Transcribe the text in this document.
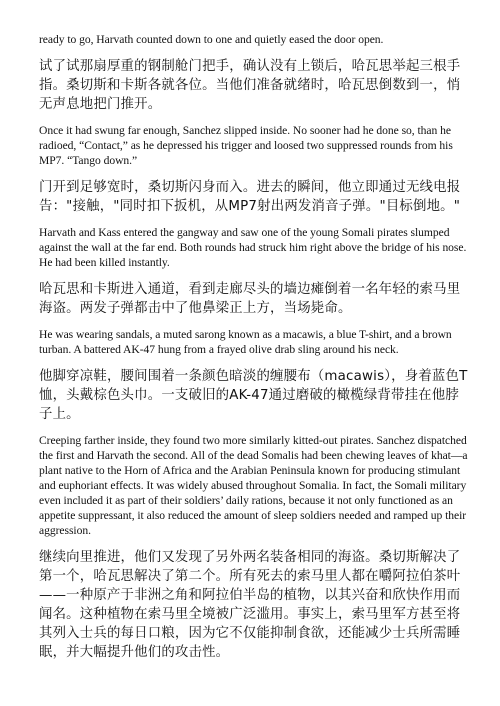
ready to go, Harvath counted down to one and quietly eased the door open.

试了试那扇厚重的钢制舱门把手，确认没有上锁后，哈瓦思举起三根手指。桑切斯和卡斯各就各位。当他们准备就绪时，哈瓦思倒数到一，悄无声息地把门推开。

Once it had swung far enough, Sanchez slipped inside. No sooner had he done so, than he radioed, “Contact,” as he depressed his trigger and loosed two suppressed rounds from his MP7. “Tango down.”

门开到足够宽时，桑切斯闪身而入。进去的瞬间，他立即通过无线电报告："接触，"同时扣下扳机，从MP7射出两发消音子弹。"目标倒地。"

Harvath and Kass entered the gangway and saw one of the young Somali pirates slumped against the wall at the far end. Both rounds had struck him right above the bridge of his nose. He had been killed instantly.

哈瓦思和卡斯进入通道，看到走廊尽头的墙边瘫倒着一名年轻的索马里海盗。两发子弹都击中了他鼻梁正上方，当场毙命。

He was wearing sandals, a muted sarong known as a macawis, a blue T-shirt, and a brown turban. A battered AK-47 hung from a frayed olive drab sling around his neck.

他脚穿凉鞋，腰间围着一条颜色暗淡的缠腰布（macawis），身着蓝色T恤，头戴棕色头巾。一支破旧的AK-47通过磨破的橄榄绿背带挂在他脖子上。

Creeping farther inside, they found two more similarly kitted-out pirates. Sanchez dispatched the first and Harvath the second. All of the dead Somalis had been chewing leaves of khat—a plant native to the Horn of Africa and the Arabian Peninsula known for producing stimulant and euphoriant effects. It was widely abused throughout Somalia. In fact, the Somali military even included it as part of their soldiers’ daily rations, because it not only functioned as an appetite suppressant, it also reduced the amount of sleep soldiers needed and ramped up their aggression.

继续向里推进，他们又发现了另外两名装备相同的海盗。桑切斯解决了第一个，哈瓦思解决了第二个。所有死去的索马里人都在嚼阿拉伯茶叶——一种原产于非洲之角和阿拉伯半岛的植物，以其兴奋和欣快作用而闻名。这种植物在索马里全境被广泛滥用。事实上，索马里军方甚至将其列入士兵的每日口粮，因为它不仅能抑制食欲，还能减少士兵所需睡眠，并大幅提升他们的攻击性。
